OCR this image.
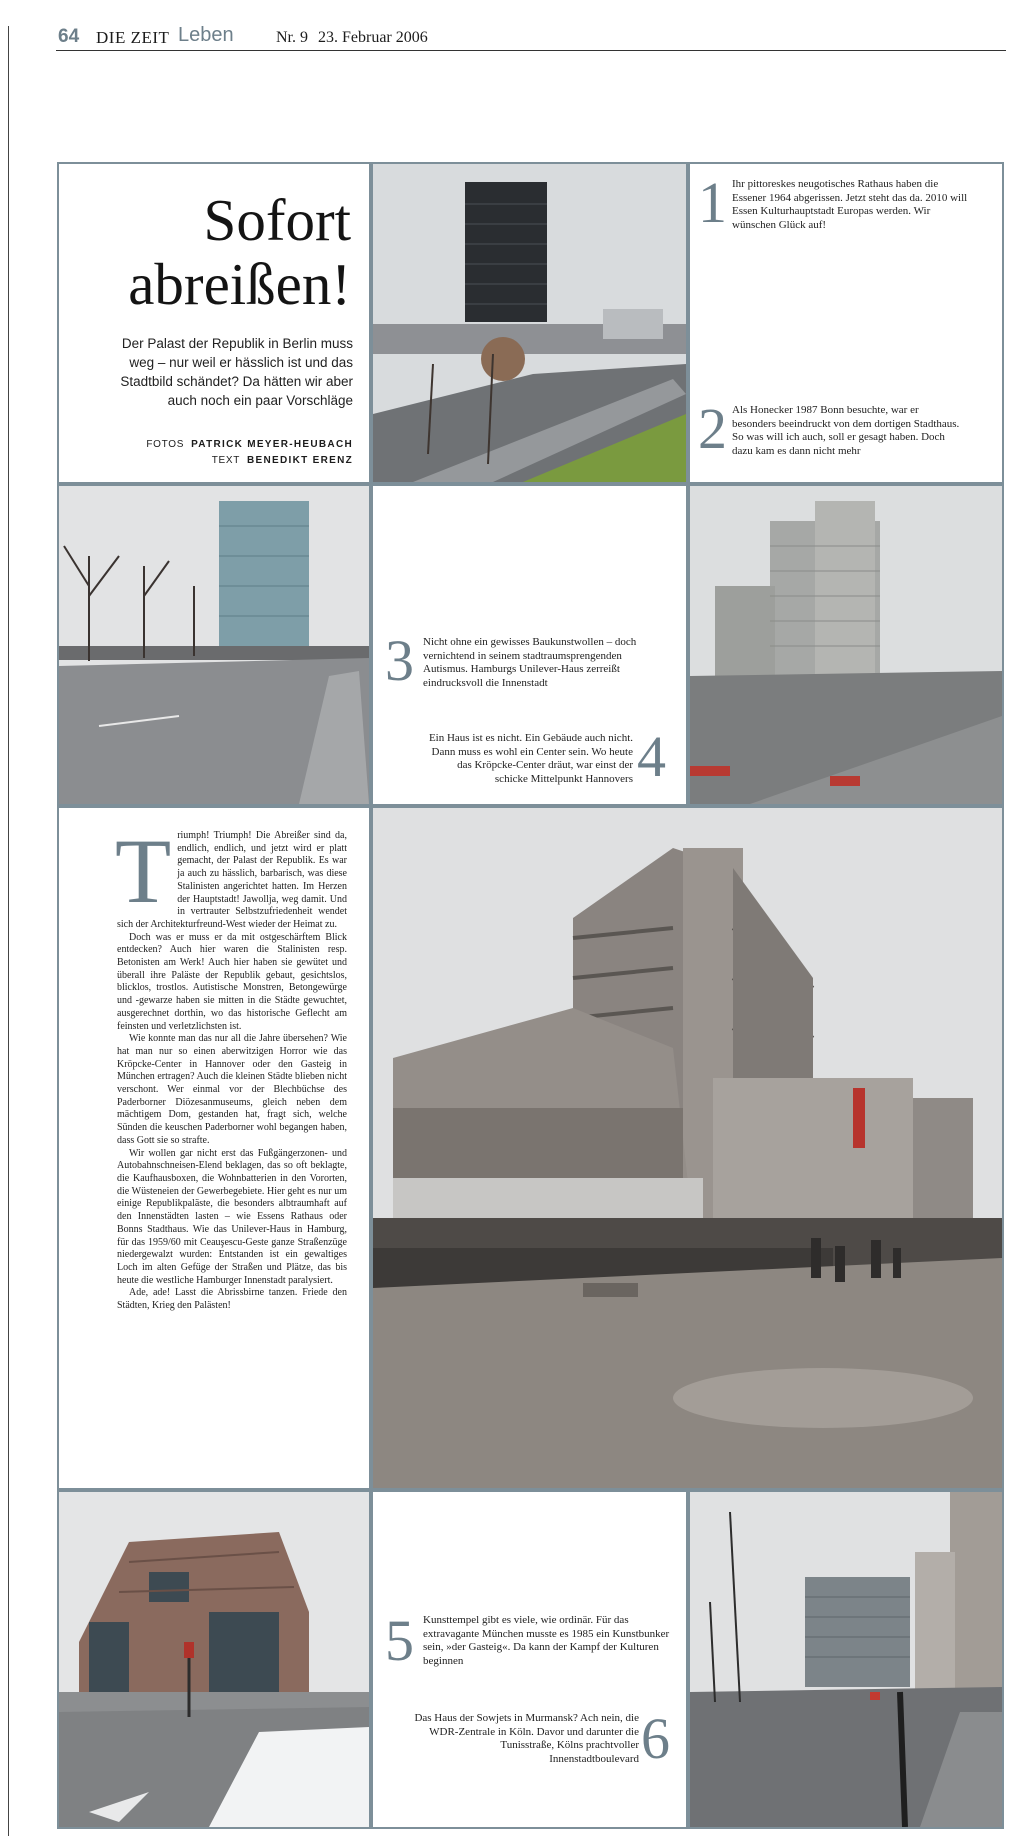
64 DIE ZEIT Leben	Nr. 9 23. Februar 2006
Sofort
abreißen!
Der Palast der Republik in Berlin muss weg – nur weil er hässlich ist und das Stadtbild schändet? Da hätten wir aber auch noch ein paar Vorschläge
FOTOS PATRICK MEYER-HEUBACH
TEXT BENEDIKT ERENZ
1 Ihr pittoreskes neugotisches Rathaus haben die Essener 1964 abgerissen. Jetzt steht das da. 2010 will Essen Kulturhauptstadt Europas werden. Wir wünschen Glück auf!
2 Als Honecker 1987 Bonn besuchte, war er besonders beeindruckt von dem dortigen Stadthaus. So was will ich auch, soll er gesagt haben. Doch dazu kam es dann nicht mehr
3 Nicht ohne ein gewisses Baukunstwollen – doch vernichtend in seinem stadtraumsprengenden Autismus. Hamburgs Unilever-Haus zerreißt eindrucksvoll die Innenstadt
Ein Haus ist es nicht. Ein Gebäude auch nicht. Dann muss es wohl ein Center sein. Wo heute das Kröpcke-Center dräut, war einst der schicke Mittelpunkt Hannovers 4
T riumph! Triumph! Die Abreißer sind da, endlich, endlich, und jetzt wird er platt gemacht, der Palast der Republik. Es war ja auch zu hässlich, barbarisch, was diese Stalinisten angerichtet hatten. Im Herzen der Hauptstadt! Jawollja, weg damit. Und in vertrauter Selbstzufriedenheit wendet sich der Architekturfreund-West wieder der Heimat zu.

Doch was er muss er da mit ostgeschärftem Blick entdecken? Auch hier waren die Stalinisten resp. Betonisten am Werk! Auch hier haben sie gewütet und überall ihre Paläste der Republik gebaut, gesichtslos, blicklos, trostlos. Autistische Monstren, Betongewürge und -gewarze haben sie mitten in die Städte gewuchtet, ausgerechnet dorthin, wo das historische Geflecht am feinsten und verletzlichsten ist.

Wie konnte man das nur all die Jahre übersehen? Wie hat man nur so einen aberwitzigen Horror wie das Kröpcke-Center in Hannover oder den Gasteig in München ertragen? Auch die kleinen Städte blieben nicht verschont. Wer einmal vor der Blechbüchse des Paderborner Diözesanmuseums, gleich neben dem mächtigem Dom, gestanden hat, fragt sich, welche Sünden die keuschen Paderborner wohl begangen haben, dass Gott sie so strafte.

Wir wollen gar nicht erst das Fußgängerzonen- und Autobahnschneisen-Elend beklagen, das so oft beklagte, die Kaufhausboxen, die Wohnbatterien in den Vororten, die Wüsteneien der Gewerbegebiete. Hier geht es nur um einige Republikpaläste, die besonders albtraumhaft auf den Innenstädten lasten – wie Essens Rathaus oder Bonns Stadthaus. Wie das Unilever-Haus in Hamburg, für das 1959/60 mit Ceauşescu-Geste ganze Straßenzüge niedergewalzt wurden: Entstanden ist ein gewaltiges Loch im alten Gefüge der Straßen und Plätze, das bis heute die westliche Hamburger Innenstadt paralysiert.

Ade, ade! Lasst die Abrissbirne tanzen. Friede den Städten, Krieg den Palästen!

5 Kunsttempel gibt es viele, wie ordinär. Für das extravagante München musste es 1985 ein Kunstbunker sein, »der Gasteig«. Da kann der Kampf der Kulturen beginnen
Das Haus der Sowjets in Murmansk? Ach nein, die WDR-Zentrale in Köln. Davor und darunter die Tunisstraße, Kölns prachtvoller Innenstadtboulevard 6
